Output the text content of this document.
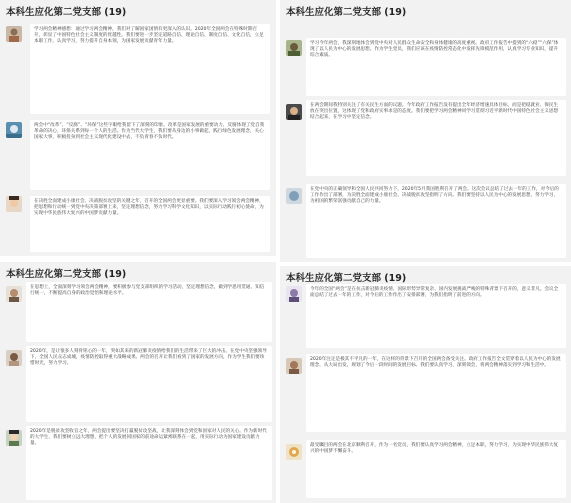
本科生应化第二党支部 (19)

学习两会精神感想：通过学习两会精神，我们对了解国家国情有更深入的认识。2020年全国两会在特殊时期召开，彰显了中国特色社会主义制度的优越性。我们要进一步坚定道路自信、理论自信、制度自信、文化自信，立足本职工作，认真学习，努力提升自身本领，为国家发展贡献青年力量。

两会中“改革”、“反腐”、“环保”这些字眼给我留下了深刻的印象。改革是国家发展的重要动力，反腐体现了党自我革命的决心，环保关系到每一个人的生活。作为当代大学生，我们要从身边的小事做起，践行绿色发展理念，关心国家大事，积极投身到社会主义现代化建设中去，不负青春不负时代。

在决胜全面建成小康社会、决战脱贫攻坚的关键之年，召开的全国两会更显重要。我们要深入学习领会两会精神，把思想和行动统一到党中央决策部署上来，坚定理想信念，努力学习科学文化知识，以实际行动践行初心使命，为实现中华民族伟大复兴的中国梦贡献力量。

本科生应化第二党支部 (19)

学习今年两会，我深刻地体会到党中央对人民群众生命安全和身体健康的高度重视。政府工作报告中提到的“六稳”“六保”体现了以人民为中心的发展思想。作为学生党员，我们应该在疫情防控常态化中发挥先锋模范作用，认真学习专业知识，提升综合素质。

在两会期间我特别关注了有关民生方面的议题。今年政府工作报告没有提出全年经济增速具体目标，而是把稳就业、保民生放在突出位置，这体现了党和政府实事求是的态度。我们要把学习两会精神同学习贯彻习近平新时代中国特色社会主义思想结合起来，在学习中坚定信念。

在党中央的正确领导和全国人民共同努力下，2020年5月我国胜利召开了两会。这次会议总结了过去一年的工作，对今后的工作作出了部署，为决胜全面建成小康社会、决战脱贫攻坚指明了方向。我们要坚持以人民为中心的发展思想，努力学习，为祖国的繁荣富强贡献自己的力量。

本科生应化第二党支部 (19)

在思想上，全面深刻学习领会两会精神，要积极参与党支部组织的学习活动，坚定理想信念，做到学思用贯通、知信行统一，不断提高自身的政治觉悟和理论水平。

2020年，是让很多人刻骨铭心的一年，突如其来的新冠肺炎疫情给我们的生活带来了巨大的冲击。在党中央坚强领导下，全国人民众志成城，疫情防控取得重大战略成果。两会的召开让我们看到了国家的发展方向，作为学生我们要珍惜时光，努力学习。

2020年是脱贫攻坚收官之年，两会提出要坚决打赢脱贫攻坚战，让我深刻体会到党和国家对人民的关心。作为新时代的大学生，我们要树立远大理想，把个人的发展同国家的前途命运紧密联系在一起，用实际行动为国家建设贡献力量。

本科生应化第二党支部 (19)

今年的全国“两会”是在抗击新冠肺炎疫情、国际形势异常复杂、国内发展挑战严峻的特殊背景下召开的，意义非凡。会议全面总结了过去一年的工作，对今后的工作作出了安排部署，为我们指明了前进的方向。

2020年注定是极其不平凡的一年，在这样的背景下召开的全国两会备受关注。政府工作报告全文贯穿着以人民为中心的发展理念，从大局出发，规划了今后一段时间的发展目标。我们要认真学习，深刻领会，将两会精神落实到学习和生活中。

最受瞩目的两会在北京顺利召开，作为一名党员，我们要认真学习两会精神，立足本职，努力学习，为实现中华民族伟大复兴的中国梦不懈奋斗。
